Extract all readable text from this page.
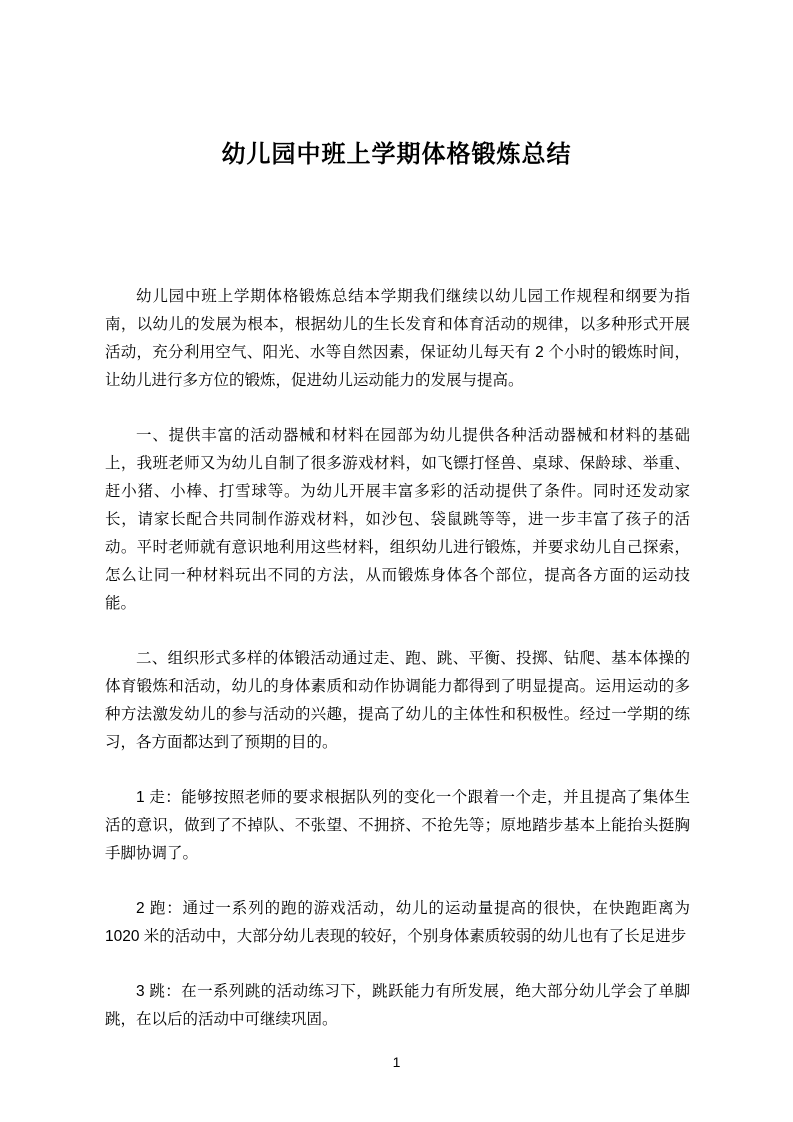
幼儿园中班上学期体格锻炼总结

幼儿园中班上学期体格锻炼总结本学期我们继续以幼儿园工作规程和纲要为指南，以幼儿的发展为根本，根据幼儿的生长发育和体育活动的规律，以多种形式开展活动，充分利用空气、阳光、水等自然因素，保证幼儿每天有 2 个小时的锻炼时间，让幼儿进行多方位的锻炼，促进幼儿运动能力的发展与提高。

一、提供丰富的活动器械和材料在园部为幼儿提供各种活动器械和材料的基础上，我班老师又为幼儿自制了很多游戏材料，如飞镖打怪兽、桌球、保龄球、举重、赶小猪、小棒、打雪球等。为幼儿开展丰富多彩的活动提供了条件。同时还发动家长，请家长配合共同制作游戏材料，如沙包、袋鼠跳等等，进一步丰富了孩子的活动。平时老师就有意识地利用这些材料，组织幼儿进行锻炼，并要求幼儿自己探索，怎么让同一种材料玩出不同的方法，从而锻炼身体各个部位，提高各方面的运动技能。

二、组织形式多样的体锻活动通过走、跑、跳、平衡、投掷、钻爬、基本体操的体育锻炼和活动，幼儿的身体素质和动作协调能力都得到了明显提高。运用运动的多种方法激发幼儿的参与活动的兴趣，提高了幼儿的主体性和积极性。经过一学期的练习，各方面都达到了预期的目的。

1 走：能够按照老师的要求根据队列的变化一个跟着一个走，并且提高了集体生活的意识，做到了不掉队、不张望、不拥挤、不抢先等；原地踏步基本上能抬头挺胸手脚协调了。

2 跑：通过一系列的跑的游戏活动，幼儿的运动量提高的很快，在快跑距离为 1020 米的活动中，大部分幼儿表现的较好，个别身体素质较弱的幼儿也有了长足进步

3 跳：在一系列跳的活动练习下，跳跃能力有所发展，绝大部分幼儿学会了单脚跳，在以后的活动中可继续巩固。

1
